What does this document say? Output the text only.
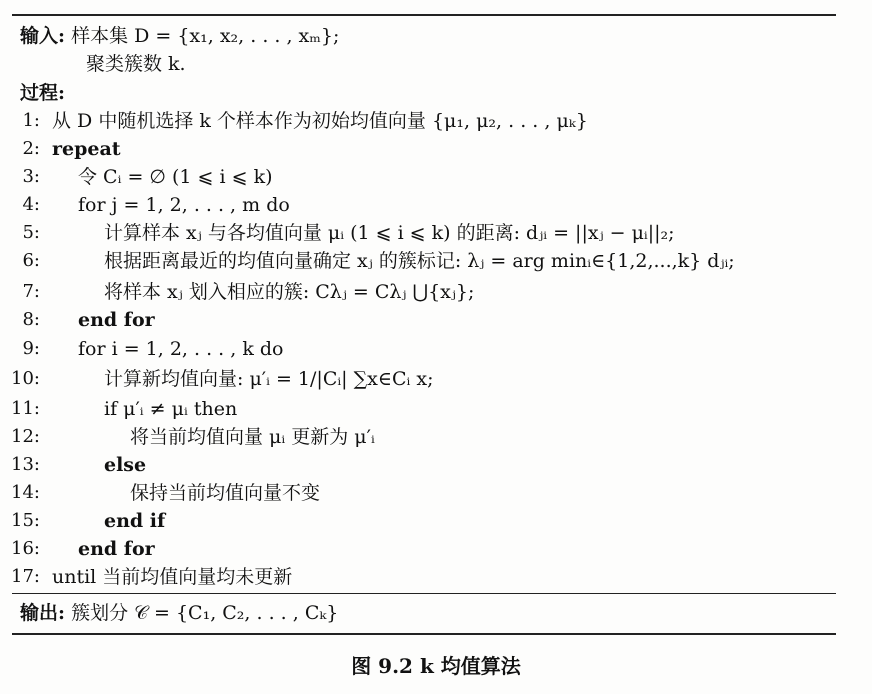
输入: 样本集 D = {x₁, x₂, . . . , xₘ};
聚类簇数 k.
过程:
1: 从 D 中随机选择 k 个样本作为初始均值向量 {μ₁, μ₂, . . . , μₖ}
2: repeat
3: 令 Cᵢ = ∅ (1 ⩽ i ⩽ k)
4: for j = 1, 2, . . . , m do
5:	计算样本 xⱼ 与各均值向量 μᵢ (1 ⩽ i ⩽ k) 的距离: dⱼᵢ = ||xⱼ − μᵢ||₂;
6:	根据距离最近的均值向量确定 xⱼ 的簇标记: λⱼ = arg minᵢ∈{1,2,...,k} dⱼᵢ;
7:	将样本 xⱼ 划入相应的簇: Cλⱼ = Cλⱼ ⋃{xⱼ};
8: end for
9: for i = 1, 2, . . . , k do
10:	计算新均值向量: μ′ᵢ = 1/|Cᵢ| ∑x∈Cᵢ x;
11:	if μ′ᵢ ≠ μᵢ then
12:	将当前均值向量 μᵢ 更新为 μ′ᵢ
13:	else
14:	保持当前均值向量不变
15:	end if
16: end for
17: until 当前均值向量均未更新
输出: 簇划分 𝒞 = {C₁, C₂, . . . , Cₖ}
图 9.2 k 均值算法
